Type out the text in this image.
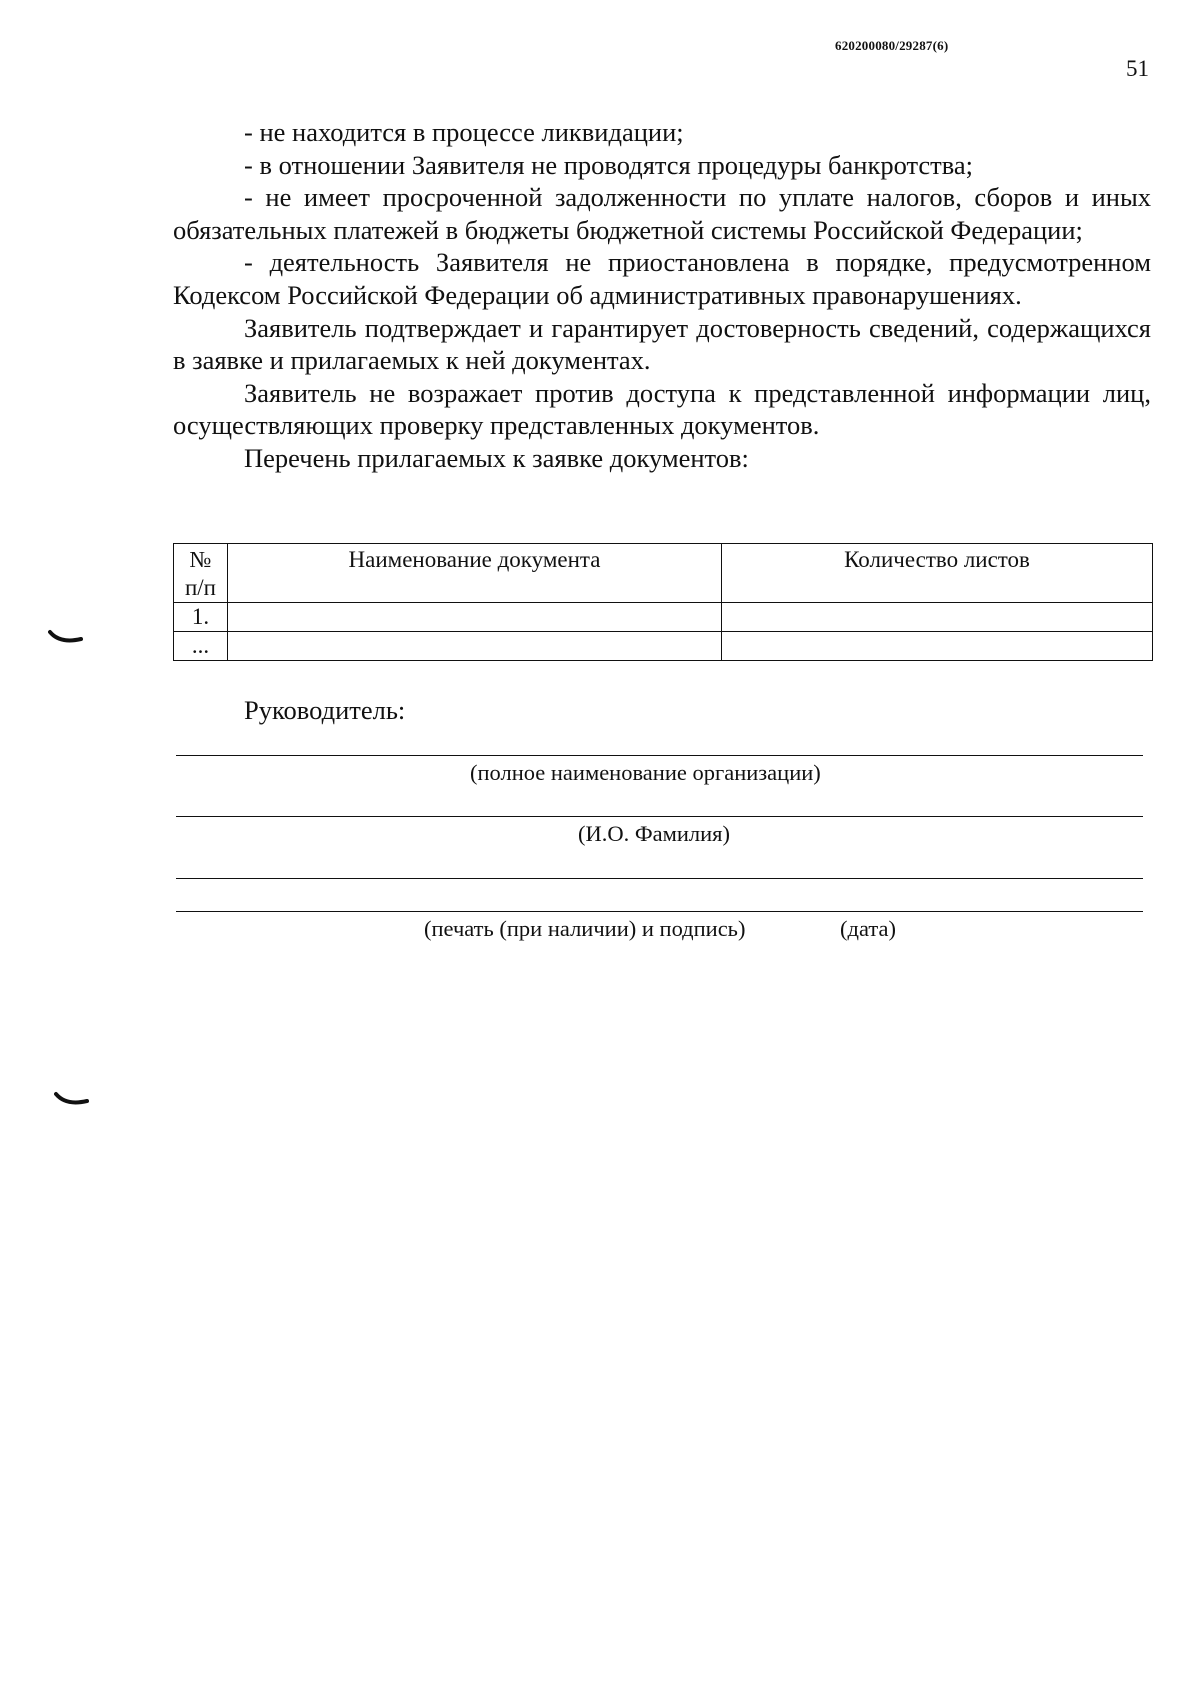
620200080/29287(6)
51

- не находится в процессе ликвидации;

- в отношении Заявителя не проводятся процедуры банкротства;

- не имеет просроченной задолженности по уплате налогов, сборов и иных обязательных платежей в бюджеты бюджетной системы Российской Федерации;

- деятельность Заявителя не приостановлена в порядке, предусмотренном Кодексом Российской Федерации об административных правонарушениях.

Заявитель подтверждает и гарантирует достоверность сведений, содержащихся в заявке и прилагаемых к ней документах.

Заявитель не возражает против доступа к представленной информации лиц, осуществляющих проверку представленных документов.

Перечень прилагаемых к заявке документов:

№
п/п	Наименование документа	Количество листов
1.		
...		
Руководитель:
(полное наименование организации)
(И.О. Фамилия)
(печать (при наличии) и подпись)	(дата)
